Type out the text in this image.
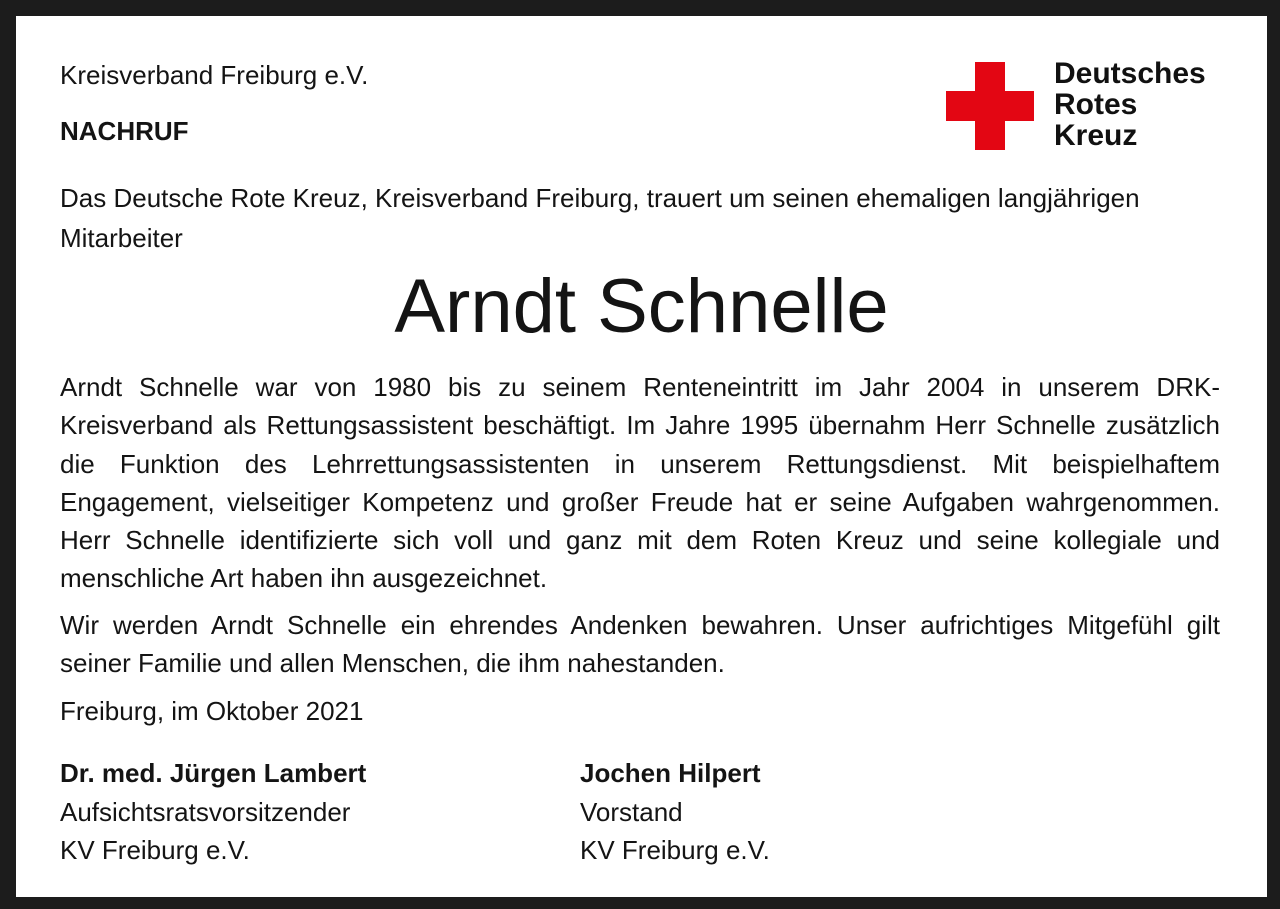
Kreisverband Freiburg e.V.

NACHRUF

Deutsches
Rotes
Kreuz

Das Deutsche Rote Kreuz, Kreisverband Freiburg, trauert um seinen ehemaligen langjährigen Mitarbeiter

Arndt Schnelle

Arndt Schnelle war von 1980 bis zu seinem Renteneintritt im Jahr 2004 in unserem DRK-Kreisverband als Rettungsassistent beschäftigt. Im Jahre 1995 übernahm Herr Schnelle zusätzlich die Funktion des Lehrrettungsassistenten in unserem Rettungsdienst. Mit beispielhaftem Engagement, vielseitiger Kompetenz und großer Freude hat er seine Aufgaben wahrgenommen. Herr Schnelle identifizierte sich voll und ganz mit dem Roten Kreuz und seine kollegiale und menschliche Art haben ihn ausgezeichnet.

Wir werden Arndt Schnelle ein ehrendes Andenken bewahren. Unser aufrichtiges Mitgefühl gilt seiner Familie und allen Menschen, die ihm nahestanden.

Freiburg, im Oktober 2021

Dr. med. Jürgen Lambert
Aufsichtsratsvorsitzender
KV Freiburg e.V.
Jochen Hilpert
Vorstand
KV Freiburg e.V.
